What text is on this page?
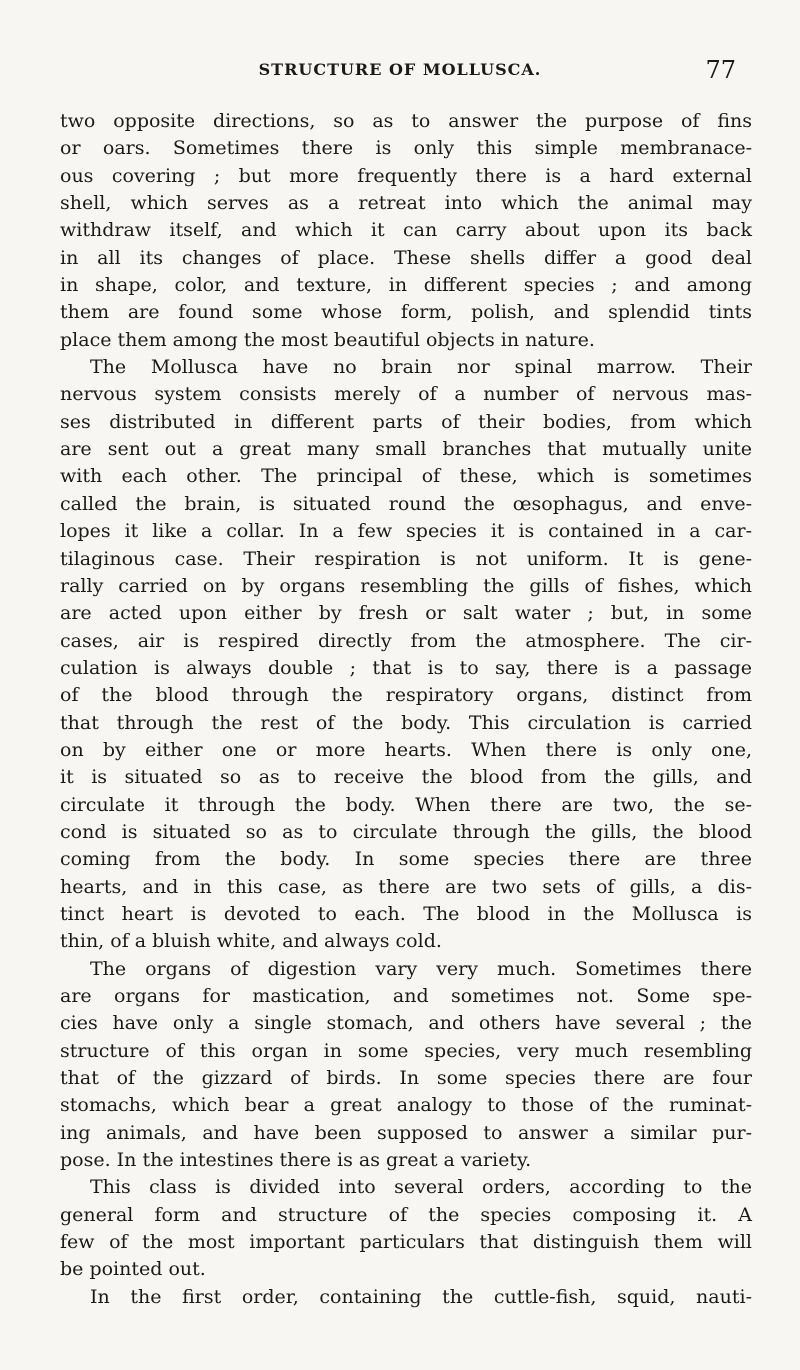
STRUCTURE OF MOLLUSCA.	77
two opposite directions, so as to answer the purpose of fins
or oars. Sometimes there is only this simple membranace-
ous covering ; but more frequently there is a hard external
shell, which serves as a retreat into which the animal may
withdraw itself, and which it can carry about upon its back
in all its changes of place. These shells differ a good deal
in shape, color, and texture, in different species ; and among
them are found some whose form, polish, and splendid tints
place them among the most beautiful objects in nature.
The Mollusca have no brain nor spinal marrow. Their
nervous system consists merely of a number of nervous mas-
ses distributed in different parts of their bodies, from which
are sent out a great many small branches that mutually unite
with each other. The principal of these, which is sometimes
called the brain, is situated round the œsophagus, and enve-
lopes it like a collar. In a few species it is contained in a car-
tilaginous case. Their respiration is not uniform. It is gene-
rally carried on by organs resembling the gills of fishes, which
are acted upon either by fresh or salt water ; but, in some
cases, air is respired directly from the atmosphere. The cir-
culation is always double ; that is to say, there is a passage
of the blood through the respiratory organs, distinct from
that through the rest of the body. This circulation is carried
on by either one or more hearts. When there is only one,
it is situated so as to receive the blood from the gills, and
circulate it through the body. When there are two, the se-
cond is situated so as to circulate through the gills, the blood
coming from the body. In some species there are three
hearts, and in this case, as there are two sets of gills, a dis-
tinct heart is devoted to each. The blood in the Mollusca is
thin, of a bluish white, and always cold.
The organs of digestion vary very much. Sometimes there
are organs for mastication, and sometimes not. Some spe-
cies have only a single stomach, and others have several ; the
structure of this organ in some species, very much resembling
that of the gizzard of birds. In some species there are four
stomachs, which bear a great analogy to those of the ruminat-
ing animals, and have been supposed to answer a similar pur-
pose. In the intestines there is as great a variety.
This class is divided into several orders, according to the
general form and structure of the species composing it. A
few of the most important particulars that distinguish them will
be pointed out.
In the first order, containing the cuttle-fish, squid, nauti-
